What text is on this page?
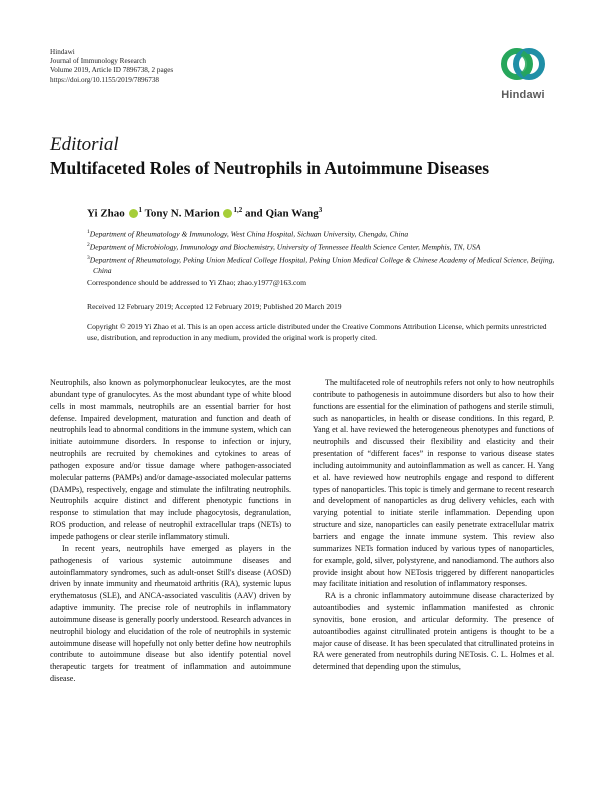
Hindawi
Journal of Immunology Research
Volume 2019, Article ID 7896738, 2 pages
https://doi.org/10.1155/2019/7896738
Hindawi
Editorial
Multifaceted Roles of Neutrophils in Autoimmune Diseases
Yi Zhao $^1$ Tony N. Marion $^{1,2}$ and Qian Wang$^3$
$^1$Department of Rheumatology & Immunology, West China Hospital, Sichuan University, Chengdu, China
$^2$Department of Microbiology, Immunology and Biochemistry, University of Tennessee Health Science Center, Memphis, TN, USA
$^3$Department of Rheumatology, Peking Union Medical College Hospital, Peking Union Medical College & Chinese Academy of Medical Science, Beijing, China
Correspondence should be addressed to Yi Zhao; zhao.y1977@163.com
Received 12 February 2019; Accepted 12 February 2019; Published 20 March 2019
Copyright © 2019 Yi Zhao et al. This is an open access article distributed under the Creative Commons Attribution License, which permits unrestricted use, distribution, and reproduction in any medium, provided the original work is properly cited.

Neutrophils, also known as polymorphonuclear leukocytes, are the most abundant type of granulocytes. As the most abundant type of white blood cells in most mammals, neutrophils are an essential barrier for host defense. Impaired development, maturation and function and death of neutrophils lead to abnormal conditions in the immune system, which can initiate autoimmune disorders. In response to infection or injury, neutrophils are recruited by chemokines and cytokines to areas of pathogen exposure and/or tissue damage where pathogen-associated molecular patterns (PAMPs) and/or damage-associated molecular patterns (DAMPs), respectively, engage and stimulate the infiltrating neutrophils. Neutrophils acquire distinct and different phenotypic functions in response to stimulation that may include phagocytosis, degranulation, ROS production, and release of neutrophil extracellular traps (NETs) to impede pathogens or clear sterile inflammatory stimuli.

In recent years, neutrophils have emerged as players in the pathogenesis of various systemic autoimmune diseases and autoinflammatory syndromes, such as adult-onset Still's disease (AOSD) driven by innate immunity and rheumatoid arthritis (RA), systemic lupus erythematosus (SLE), and ANCA-associated vasculitis (AAV) driven by adaptive immunity. The precise role of neutrophils in inflammatory autoimmune disease is generally poorly understood. Research advances in neutrophil biology and elucidation of the role of neutrophils in systemic autoimmune disease will hopefully not only better define how neutrophils contribute to autoimmune disease but also identify potential novel therapeutic targets for treatment of inflammation and autoimmune disease.

The multifaceted role of neutrophils refers not only to how neutrophils contribute to pathogenesis in autoimmune disorders but also to how their functions are essential for the elimination of pathogens and sterile stimuli, such as nanoparticles, in health or disease conditions. In this regard, P. Yang et al. have reviewed the heterogeneous phenotypes and functions of neutrophils and discussed their flexibility and elasticity and their presentation of “different faces” in response to various disease states including autoimmunity and autoinflammation as well as cancer. H. Yang et al. have reviewed how neutrophils engage and respond to different types of nanoparticles. This topic is timely and germane to recent research and development of nanoparticles as drug delivery vehicles, each with varying potential to initiate sterile inflammation. Depending upon structure and size, nanoparticles can easily penetrate extracellular matrix barriers and engage the innate immune system. This review also summarizes NETs formation induced by various types of nanoparticles, for example, gold, silver, polystyrene, and nanodiamond. The authors also provide insight about how NETosis triggered by different nanoparticles may facilitate initiation and resolution of inflammatory responses.

RA is a chronic inflammatory autoimmune disease characterized by autoantibodies and systemic inflammation manifested as chronic synovitis, bone erosion, and articular deformity. The presence of autoantibodies against citrullinated protein antigens is thought to be a major cause of disease. It has been speculated that citrullinated proteins in RA were generated from neutrophils during NETosis. C. L. Holmes et al. determined that depending upon the stimulus,
